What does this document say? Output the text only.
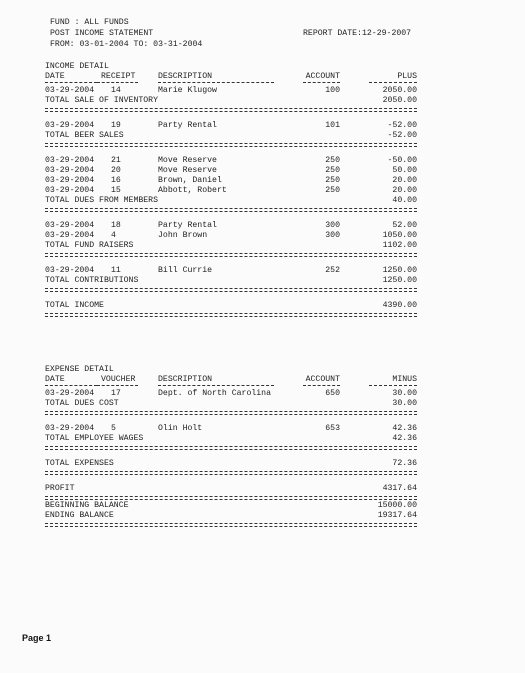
FUND : ALL FUNDS
POST INCOME STATEMENT
FROM: 03-01-2004 TO: 03-31-2004
REPORT DATE:12-29-2007
INCOME DETAIL
DATE	RECEIPT	DESCRIPTION	ACCOUNT	PLUS
03-29-2004 14	Marie Klugow	100	2050.00
TOTAL SALE OF INVENTORY	2050.00
03-29-2004 19	Party Rental	101	-52.00
TOTAL BEER SALES	-52.00
03-29-2004 21	Move Reserve	250	-50.00
03-29-2004 20	Move Reserve	250	50.00
03-29-2004 16	Brown, Daniel	250	20.00
03-29-2004 15	Abbott, Robert	250	20.00
TOTAL DUES FROM MEMBERS	40.00
03-29-2004 18	Party Rental	300	52.00
03-29-2004 4	John Brown	300	1050.00
TOTAL FUND RAISERS	1102.00
03-29-2004 11	Bill Currie	252	1250.00
TOTAL CONTRIBUTIONS	1250.00
TOTAL INCOME	4390.00
EXPENSE DETAIL
DATE	VOUCHER	DESCRIPTION	ACCOUNT	MINUS
03-29-2004 17	Dept. of North Carolina	650	30.00
TOTAL DUES COST	30.00
03-29-2004 5	Olin Holt	653	42.36
TOTAL EMPLOYEE WAGES	42.36
TOTAL EXPENSES	72.36
PROFIT	4317.64
BEGINNING BALANCE	15000.00
ENDING BALANCE	19317.64
Page 1
